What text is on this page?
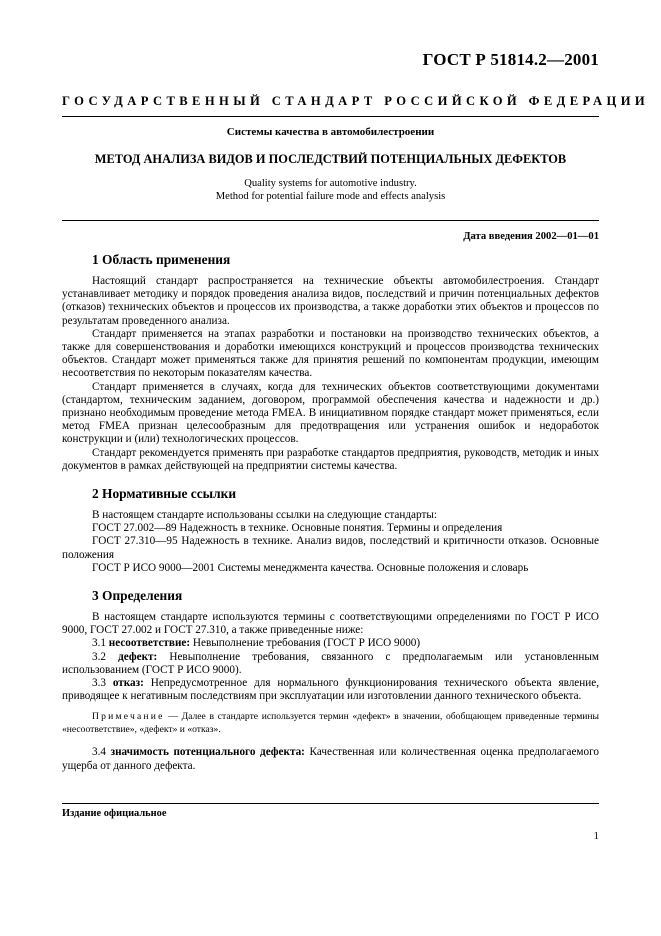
ГОСТ Р 51814.2—2001
ГОСУДАРСТВЕННЫЙ СТАНДАРТ РОССИЙСКОЙ ФЕДЕРАЦИИ
Системы качества в автомобилестроении
МЕТОД АНАЛИЗА ВИДОВ И ПОСЛЕДСТВИЙ ПОТЕНЦИАЛЬНЫХ ДЕФЕКТОВ
Quality systems for automotive industry.
Method for potential failure mode and effects analysis
Дата введения 2002—01—01
1 Область применения

Настоящий стандарт распространяется на технические объекты автомобилестроения. Стандарт устанавливает методику и порядок проведения анализа видов, последствий и причин потенциальных дефектов (отказов) технических объектов и процессов их производства, а также доработки этих объектов и процессов по результатам проведенного анализа.

Стандарт применяется на этапах разработки и постановки на производство технических объектов, а также для совершенствования и доработки имеющихся конструкций и процессов производства технических объектов. Стандарт может применяться также для принятия решений по компонентам продукции, имеющим несоответствия по некоторым показателям качества.

Стандарт применяется в случаях, когда для технических объектов соответствующими документами (стандартом, техническим заданием, договором, программой обеспечения качества и надежности и др.) признано необходимым проведение метода FMEA. В инициативном порядке стандарт может применяться, если метод FMEA признан целесообразным для предотвращения или устранения ошибок и недоработок конструкции и (или) технологических процессов.

Стандарт рекомендуется применять при разработке стандартов предприятия, руководств, методик и иных документов в рамках действующей на предприятии системы качества.

2 Нормативные ссылки

В настоящем стандарте использованы ссылки на следующие стандарты:

ГОСТ 27.002—89 Надежность в технике. Основные понятия. Термины и определения

ГОСТ 27.310—95 Надежность в технике. Анализ видов, последствий и критичности отказов. Основные положения

ГОСТ Р ИСО 9000—2001 Системы менеджмента качества. Основные положения и словарь

3 Определения

В настоящем стандарте используются термины с соответствующими определениями по ГОСТ Р ИСО 9000, ГОСТ 27.002 и ГОСТ 27.310, а также приведенные ниже:

3.1 несоответствие: Невыполнение требования (ГОСТ Р ИСО 9000)

3.2 дефект: Невыполнение требования, связанного с предполагаемым или установленным использованием (ГОСТ Р ИСО 9000).

3.3 отказ: Непредусмотренное для нормального функционирования технического объекта явление, приводящее к негативным последствиям при эксплуатации или изготовлении данного технического объекта.

Примечание — Далее в стандарте используется термин «дефект» в значении, обобщающем приведенные термины «несоответствие», «дефект» и «отказ».

3.4 значимость потенциального дефекта: Качественная или количественная оценка предполагаемого ущерба от данного дефекта.

Издание официальное
1
